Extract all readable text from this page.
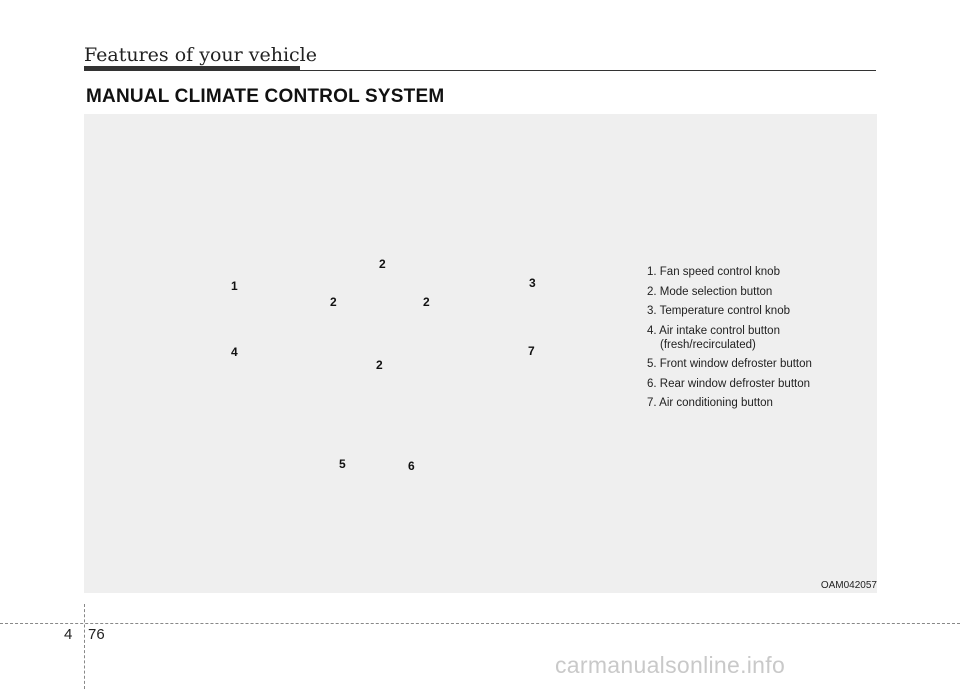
Features of your vehicle
MANUAL CLIMATE CONTROL SYSTEM
2
1	3
2	2
4	7
2
5	6
OAM042057
1. Fan speed control knob
2. Mode selection button
3. Temperature control knob
4. Air intake control button
(fresh/recirculated)
5. Front window defroster button
6. Rear window defroster button
7. Air conditioning button
4 76
carmanualsonline.info
